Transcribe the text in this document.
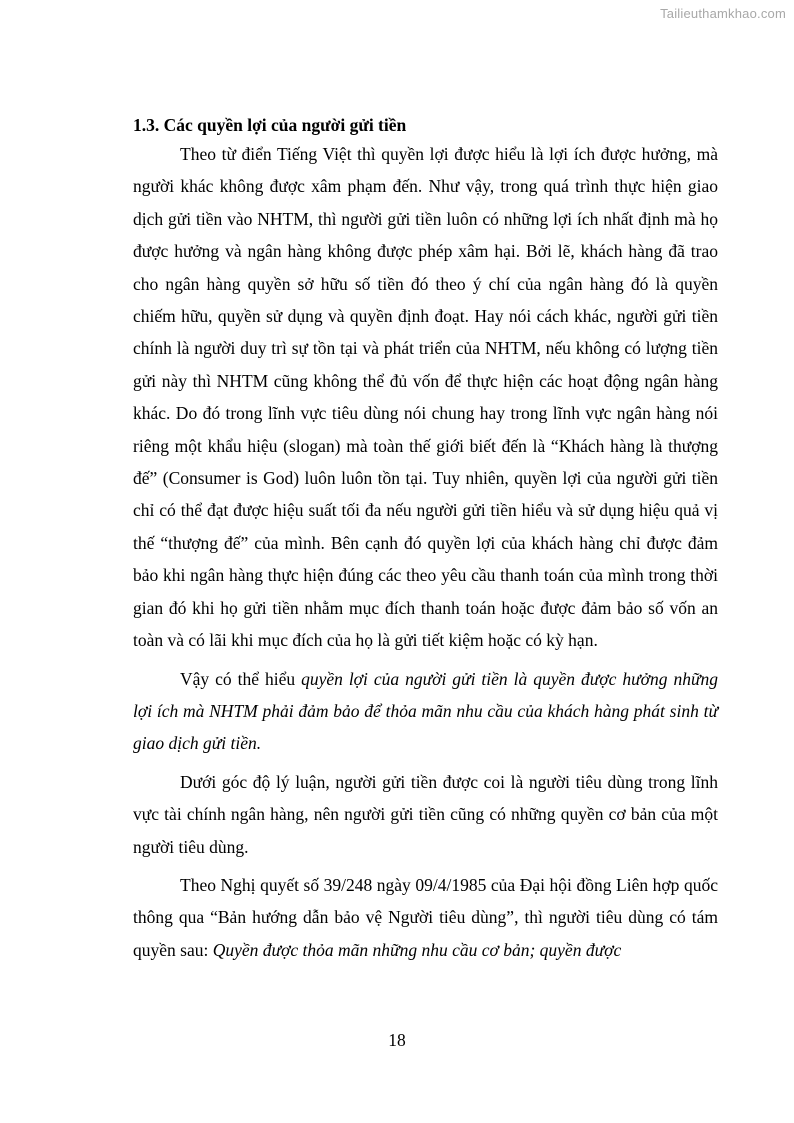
Tailieuthamkhao.com
1.3. Các quyền lợi của người gửi tiền

Theo từ điển Tiếng Việt thì quyền lợi được hiểu là lợi ích được hưởng, mà người khác không được xâm phạm đến. Như vậy, trong quá trình thực hiện giao dịch gửi tiền vào NHTM, thì người gửi tiền luôn có những lợi ích nhất định mà họ được hưởng và ngân hàng không được phép xâm hại. Bởi lẽ, khách hàng đã trao cho ngân hàng quyền sở hữu số tiền đó theo ý chí của ngân hàng đó là quyền chiếm hữu, quyền sử dụng và quyền định đoạt. Hay nói cách khác, người gửi tiền chính là người duy trì sự tồn tại và phát triển của NHTM, nếu không có lượng tiền gửi này thì NHTM cũng không thể đủ vốn để thực hiện các hoạt động ngân hàng khác. Do đó trong lĩnh vực tiêu dùng nói chung hay trong lĩnh vực ngân hàng nói riêng một khẩu hiệu (slogan) mà toàn thế giới biết đến là “Khách hàng là thượng đế” (Consumer is God) luôn luôn tồn tại. Tuy nhiên, quyền lợi của người gửi tiền chỉ có thể đạt được hiệu suất tối đa nếu người gửi tiền hiểu và sử dụng hiệu quả vị thế “thượng đế” của mình. Bên cạnh đó quyền lợi của khách hàng chỉ được đảm bảo khi ngân hàng thực hiện đúng các theo yêu cầu thanh toán của mình trong thời gian đó khi họ gửi tiền nhằm mục đích thanh toán hoặc được đảm bảo số vốn an toàn và có lãi khi mục đích của họ là gửi tiết kiệm hoặc có kỳ hạn.

Vậy có thể hiểu quyền lợi của người gửi tiền là quyền được hưởng những lợi ích mà NHTM phải đảm bảo để thỏa mãn nhu cầu của khách hàng phát sinh từ giao dịch gửi tiền.

Dưới góc độ lý luận, người gửi tiền được coi là người tiêu dùng trong lĩnh vực tài chính ngân hàng, nên người gửi tiền cũng có những quyền cơ bản của một người tiêu dùng.

Theo Nghị quyết số 39/248 ngày 09/4/1985 của Đại hội đồng Liên hợp quốc thông qua “Bản hướng dẫn bảo vệ Người tiêu dùng”, thì người tiêu dùng có tám quyền sau: Quyền được thỏa mãn những nhu cầu cơ bản; quyền được

18
